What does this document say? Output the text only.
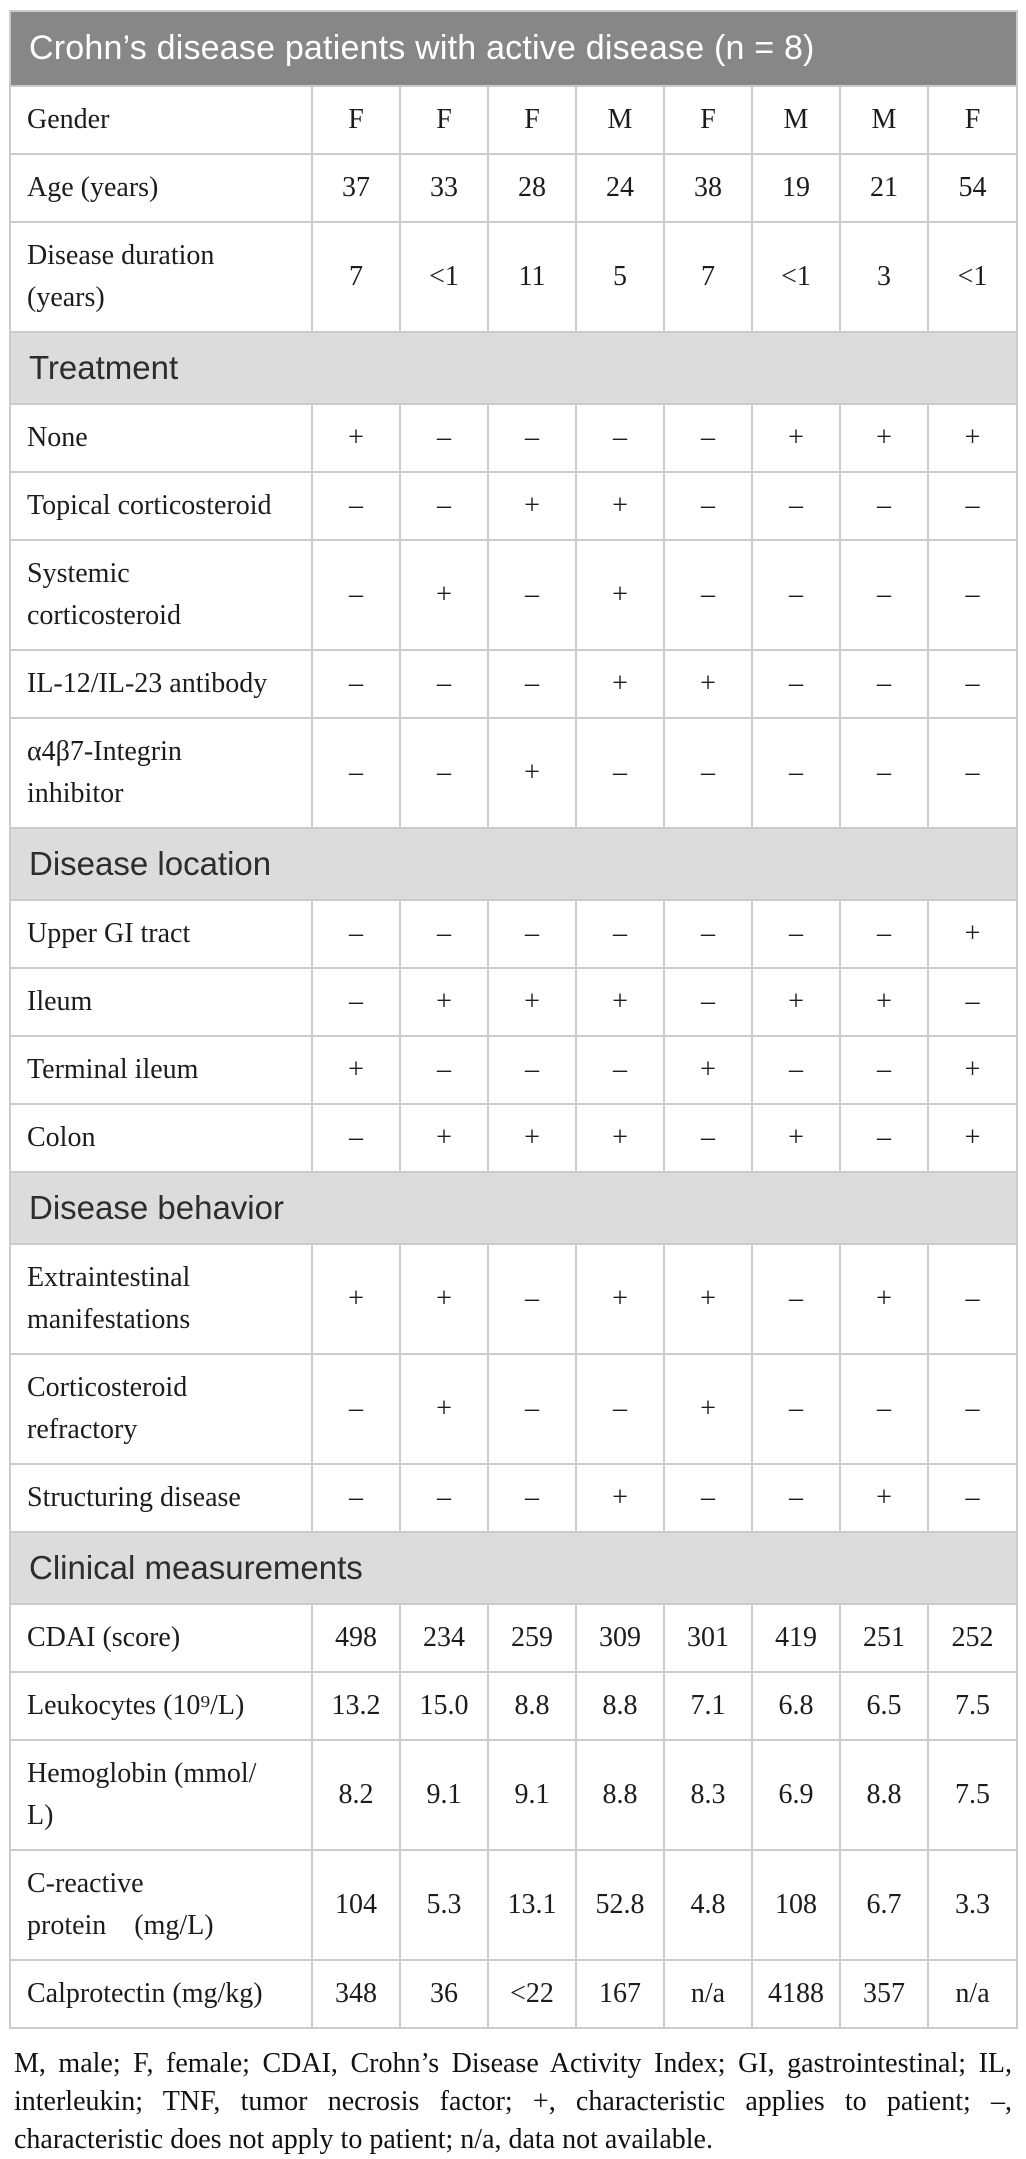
Crohn’s disease patients with active disease (n = 8)								
Gender	F	F	F	M	F	M	M	F
Age (years)	37	33	28	24	38	19	21	54
Disease duration
(years)	7	<1	11	5	7	<1	3	<1
Treatment								
None	+	–	–	–	–	+	+	+
Topical corticosteroid	–	–	+	+	–	–	–	–
Systemic
corticosteroid	–	+	–	+	–	–	–	–
IL-12/IL-23 antibody	–	–	–	+	+	–	–	–
α4β7-Integrin
inhibitor	–	–	+	–	–	–	–	–
Disease location								
Upper GI tract	–	–	–	–	–	–	–	+
Ileum	–	+	+	+	–	+	+	–
Terminal ileum	+	–	–	–	+	–	–	+
Colon	–	+	+	+	–	+	–	+
Disease behavior								
Extraintestinal
manifestations	+	+	–	+	+	–	+	–
Corticosteroid
refractory	–	+	–	–	+	–	–	–
Structuring disease	–	–	–	+	–	–	+	–
Clinical measurements								
CDAI (score)	498	234	259	309	301	419	251	252
Leukocytes (10⁹/L)	13.2	15.0	8.8	8.8	7.1	6.8	6.5	7.5
Hemoglobin (mmol/
L)	8.2	9.1	9.1	8.8	8.3	6.9	8.8	7.5
C-reactive
protein (mg/L)	104	5.3	13.1	52.8	4.8	108	6.7	3.3
Calprotectin (mg/kg)	348	36	<22	167	n/a	4188	357	n/a
M, male; F, female; CDAI, Crohn’s Disease Activity Index; GI, gastrointestinal; IL, interleukin; TNF, tumor necrosis factor; +, characteristic applies to patient; –, characteristic does not apply to patient; n/a, data not available.
